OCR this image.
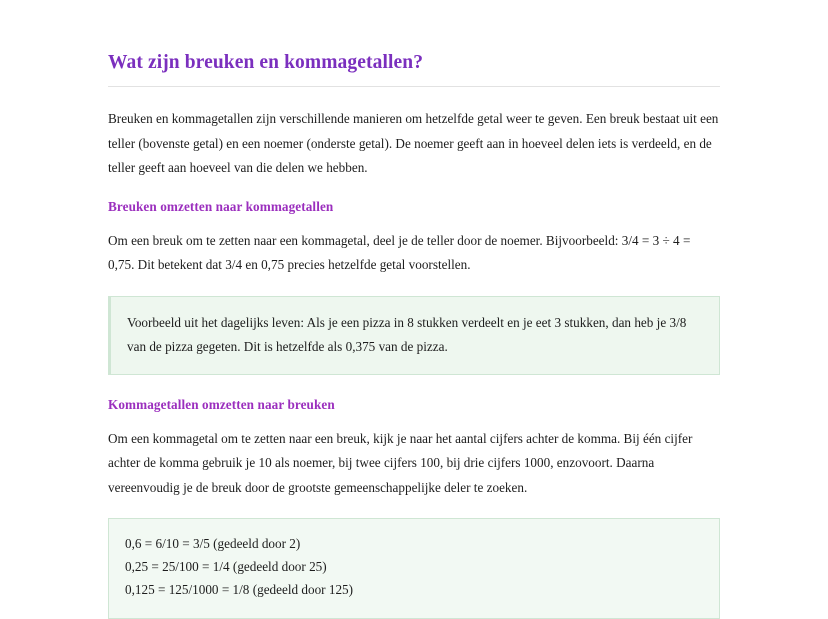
Wat zijn breuken en kommagetallen?

Breuken en kommagetallen zijn verschillende manieren om hetzelfde getal weer te geven. Een breuk bestaat uit een teller (bovenste getal) en een noemer (onderste getal). De noemer geeft aan in hoeveel delen iets is verdeeld, en de teller geeft aan hoeveel van die delen we hebben.

Breuken omzetten naar kommagetallen

Om een breuk om te zetten naar een kommagetal, deel je de teller door de noemer. Bijvoorbeeld: 3/4 = 3 ÷ 4 = 0,75. Dit betekent dat 3/4 en 0,75 precies hetzelfde getal voorstellen.

Voorbeeld uit het dagelijks leven: Als je een pizza in 8 stukken verdeelt en je eet 3 stukken, dan heb je 3/8 van de pizza gegeten. Dit is hetzelfde als 0,375 van de pizza.

Kommagetallen omzetten naar breuken

Om een kommagetal om te zetten naar een breuk, kijk je naar het aantal cijfers achter de komma. Bij één cijfer achter de komma gebruik je 10 als noemer, bij twee cijfers 100, bij drie cijfers 1000, enzovoort. Daarna vereenvoudig je de breuk door de grootste gemeenschappelijke deler te zoeken.

0,6 = 6/10 = 3/5 (gedeeld door 2)
0,25 = 25/100 = 1/4 (gedeeld door 25)
0,125 = 125/1000 = 1/8 (gedeeld door 125)
